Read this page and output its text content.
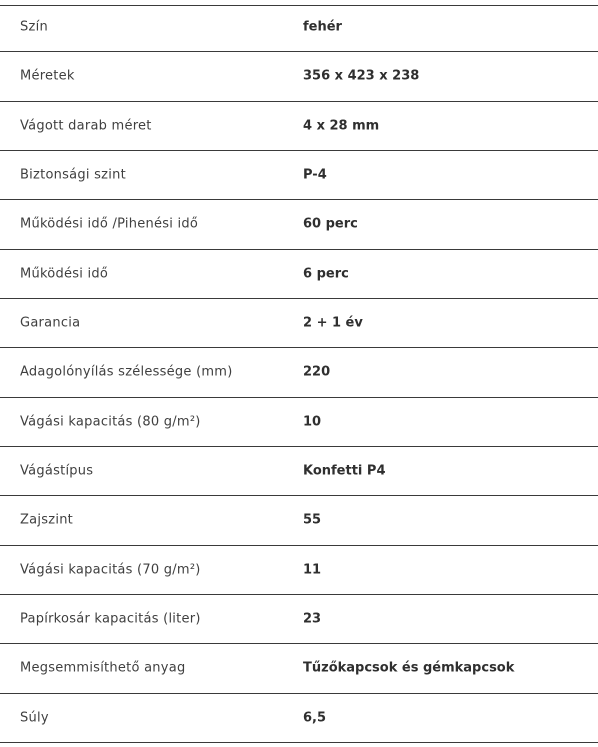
Szín	fehér
Méretek	356 x 423 x 238
Vágott darab méret	4 x 28 mm
Biztonsági szint	P-4
Működési idő /Pihenési idő	60 perc
Működési idő	6 perc
Garancia	2 + 1 év
Adagolónyílás szélessége (mm)	220
Vágási kapacitás (80 g/m²)	10
Vágástípus	Konfetti P4
Zajszint	55
Vágási kapacitás (70 g/m²)	11
Papírkosár kapacitás (liter)	23
Megsemmisíthető anyag	Tűzőkapcsok és gémkapcsok
Súly	6,5
